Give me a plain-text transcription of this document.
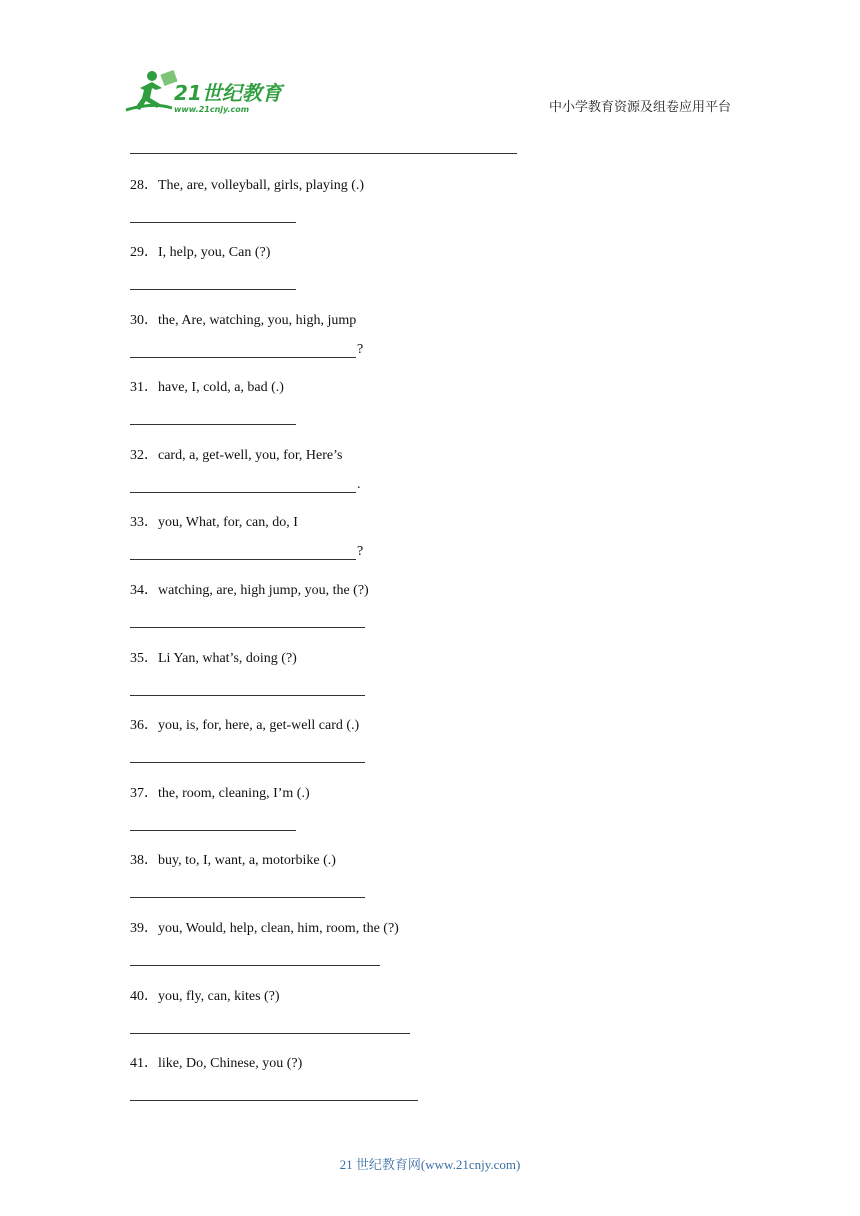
21世纪教育
www.21cnjy.com	中小学教育资源及组卷应用平台
28．The, are, volleyball, girls, playing (.)
29．I, help, you, Can (?)
30．the, Are, watching, you, high, jump
?
31．have, I, cold, a, bad (.)
32．card, a, get-well, you, for, Here’s
.
33．you, What, for, can, do, I
?
34．watching, are, high jump, you, the (?)
35．Li Yan, what’s, doing (?)
36．you, is, for, here, a, get-well card (.)
37．the, room, cleaning, I’m (.)
38．buy, to, I, want, a, motorbike (.)
39．you, Would, help, clean, him, room, the (?)
40．you, fly, can, kites (?)
41．like, Do, Chinese, you (?)
21 世纪教育网(www.21cnjy.com)
